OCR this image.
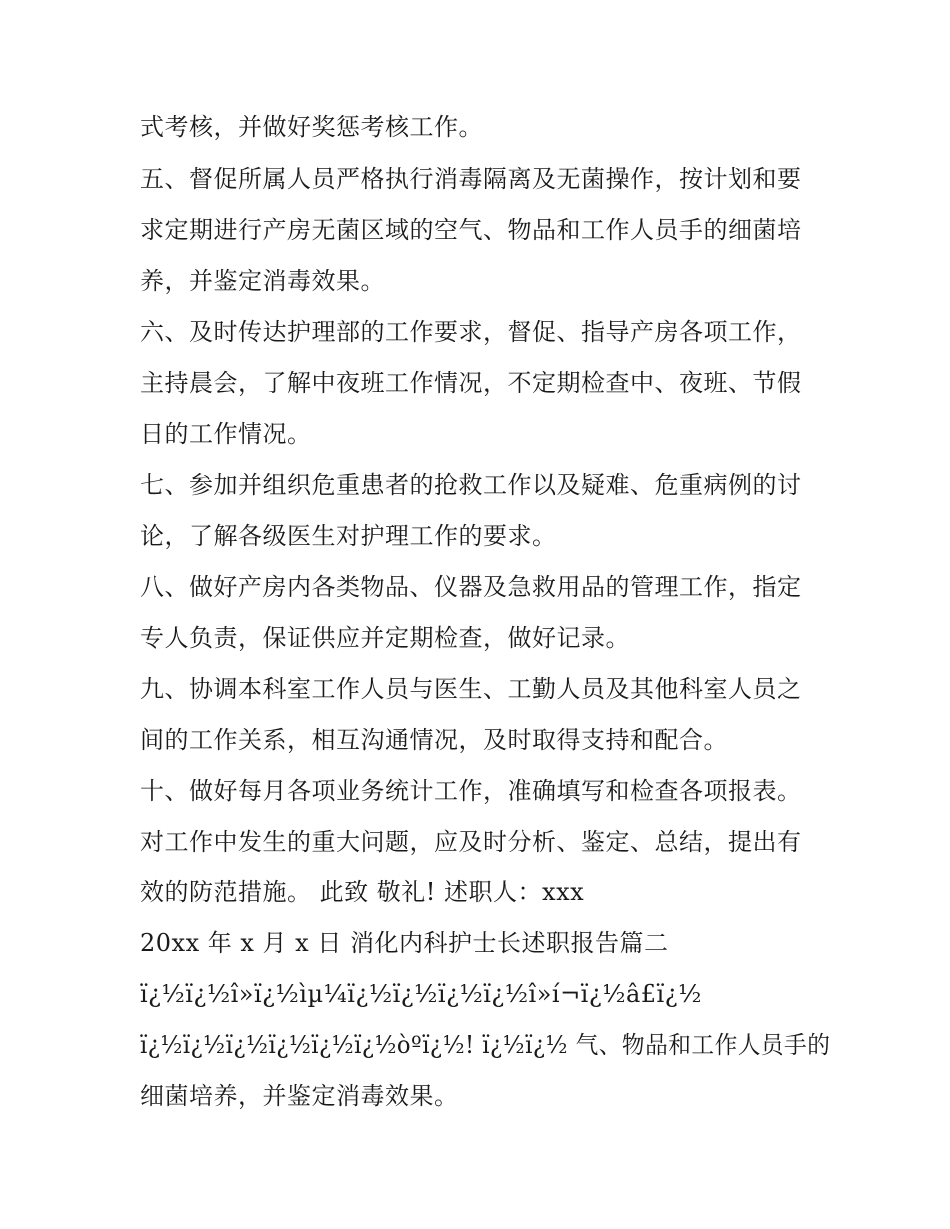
式考核，并做好奖惩考核工作。
五、督促所属人员严格执行消毒隔离及无菌操作，按计划和要
求定期进行产房无菌区域的空气、物品和工作人员手的细菌培
养，并鉴定消毒效果。
六、及时传达护理部的工作要求，督促、指导产房各项工作，
主持晨会，了解中夜班工作情况，不定期检查中、夜班、节假
日的工作情况。
七、参加并组织危重患者的抢救工作以及疑难、危重病例的讨
论，了解各级医生对护理工作的要求。
八、做好产房内各类物品、仪器及急救用品的管理工作，指定
专人负责，保证供应并定期检查，做好记录。
九、协调本科室工作人员与医生、工勤人员及其他科室人员之
间的工作关系，相互沟通情况，及时取得支持和配合。
十、做好每月各项业务统计工作，准确填写和检查各项报表。
对工作中发生的重大问题，应及时分析、鉴定、总结，提出有
效的防范措施。 此致 敬礼! 述职人：xxx
20xx 年 x 月 x 日 消化内科护士长述职报告篇二
ï¿½ï¿½î»ï¿½ìµ¼ï¿½ï¿½ï¿½ï¿½î»í¬ï¿½â£ï¿½
ï¿½ï¿½ï¿½ï¿½ï¿½ï¿½òºï¿½! ï¿½ï¿½ 气、物品和工作人员手的
细菌培养，并鉴定消毒效果。
